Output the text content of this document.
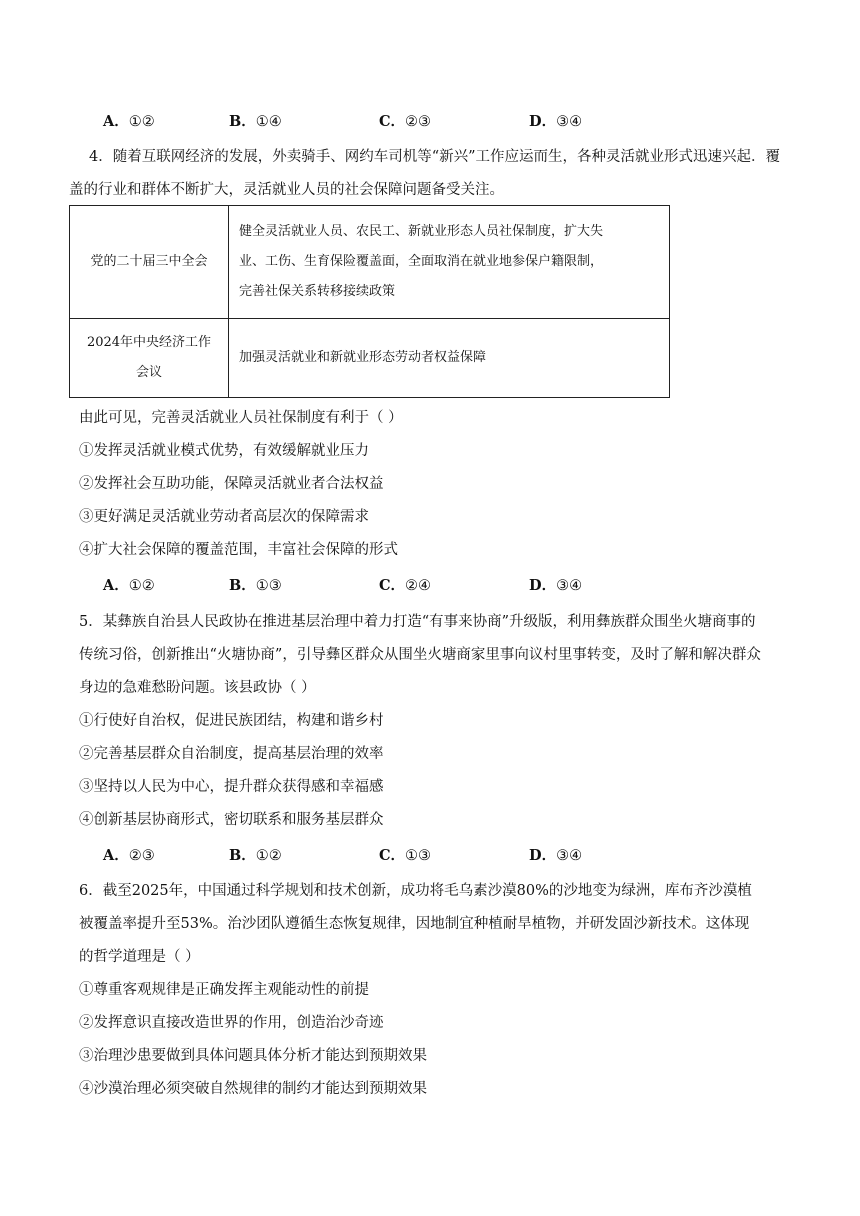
A．①②	B．①④	C．②③	D．③④
4．随着互联网经济的发展，外卖骑手、网约车司机等“新兴”工作应运而生，各种灵活就业形式迅速兴起．覆
盖的行业和群体不断扩大，灵活就业人员的社会保障问题备受关注。
党的二十届三中全会	健全灵活就业人员、农民工、新就业形态人员社保制度，扩大失
业、工伤、生育保险覆盖面，全面取消在就业地参保户籍限制，
完善社保关系转移接续政策

2024年中央经济工作
会议	加强灵活就业和新就业形态劳动者权益保障
由此可见，完善灵活就业人员社保制度有利于（ ）
①发挥灵活就业模式优势，有效缓解就业压力
②发挥社会互助功能，保障灵活就业者合法权益
③更好满足灵活就业劳动者高层次的保障需求
④扩大社会保障的覆盖范围，丰富社会保障的形式
A．①②	B．①③	C．②④	D．③④
5．某彝族自治县人民政协在推进基层治理中着力打造“有事来协商”升级版，利用彝族群众围坐火塘商事的
传统习俗，创新推出“火塘协商”，引导彝区群众从围坐火塘商家里事向议村里事转变，及时了解和解决群众
身边的急难愁盼问题。该县政协（ ）
①行使好自治权，促进民族团结，构建和谐乡村
②完善基层群众自治制度，提高基层治理的效率
③坚持以人民为中心，提升群众获得感和幸福感
④创新基层协商形式，密切联系和服务基层群众
A．②③	B．①②	C．①③	D．③④
6．截至2025年，中国通过科学规划和技术创新，成功将毛乌素沙漠80%的沙地变为绿洲，库布齐沙漠植
被覆盖率提升至53%。治沙团队遵循生态恢复规律，因地制宜种植耐旱植物，并研发固沙新技术。这体现
的哲学道理是（ ）
①尊重客观规律是正确发挥主观能动性的前提
②发挥意识直接改造世界的作用，创造治沙奇迹
③治理沙患要做到具体问题具体分析才能达到预期效果
④沙漠治理必须突破自然规律的制约才能达到预期效果
